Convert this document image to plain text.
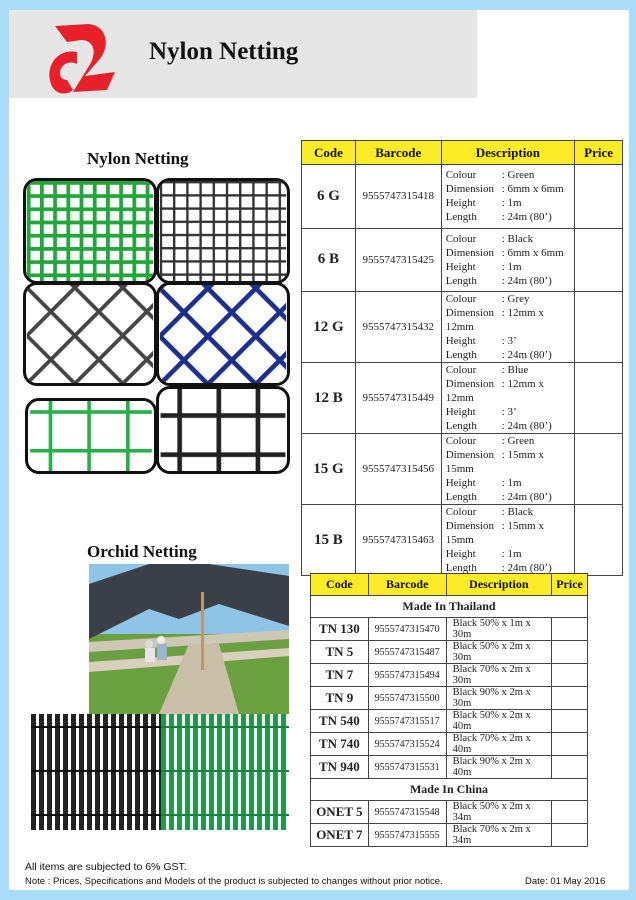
Nylon Netting
Nylon Netting	Code	Barcode	Description	Price
6 G	9555747315418	Colour : Green
Dimension : 6mm x 6mm
Height : 1m
Length : 24m (80’)	

6 B	9555747315425	Colour : Black
Dimension : 6mm x 6mm
Height : 1m
Length : 24m (80’)	

12 G	9555747315432	Colour : Grey
Dimension : 12mm x 12mm
Height : 3’
Length : 24m (80’)	

12 B	9555747315449	Colour : Blue
Dimension : 12mm x 12mm
Height : 3’
Length : 24m (80’)	

15 G	9555747315456	Colour : Green
Dimension : 15mm x 15mm
Height : 1m
Length : 24m (80’)	

15 B	9555747315463	Colour : Black
Dimension : 15mm x 15mm
Height : 1m
Length : 24m (80’)	

Orchid Netting
Code	Barcode	Description	Price
Made In Thailand			
TN 130	9555747315470	Black 50% x 1m x 30m	
TN 5	9555747315487	Black 50% x 2m x 30m	
TN 7	9555747315494	Black 70% x 2m x 30m	
TN 9	9555747315500	Black 90% x 2m x 30m	
TN 540	9555747315517	Black 50% x 2m x 40m	
TN 740	9555747315524	Black 70% x 2m x 40m	
TN 940	9555747315531	Black 90% x 2m x 40m	
Made In China			
ONET 5	9555747315548	Black 50% x 2m x 34m	
ONET 7	9555747315555	Black 70% x 2m x 34m	
All items are subjected to 6% GST.
Note : Prices, Specifications and Models of the product is subjected to changes without prior notice.	Date: 01 May 2016
